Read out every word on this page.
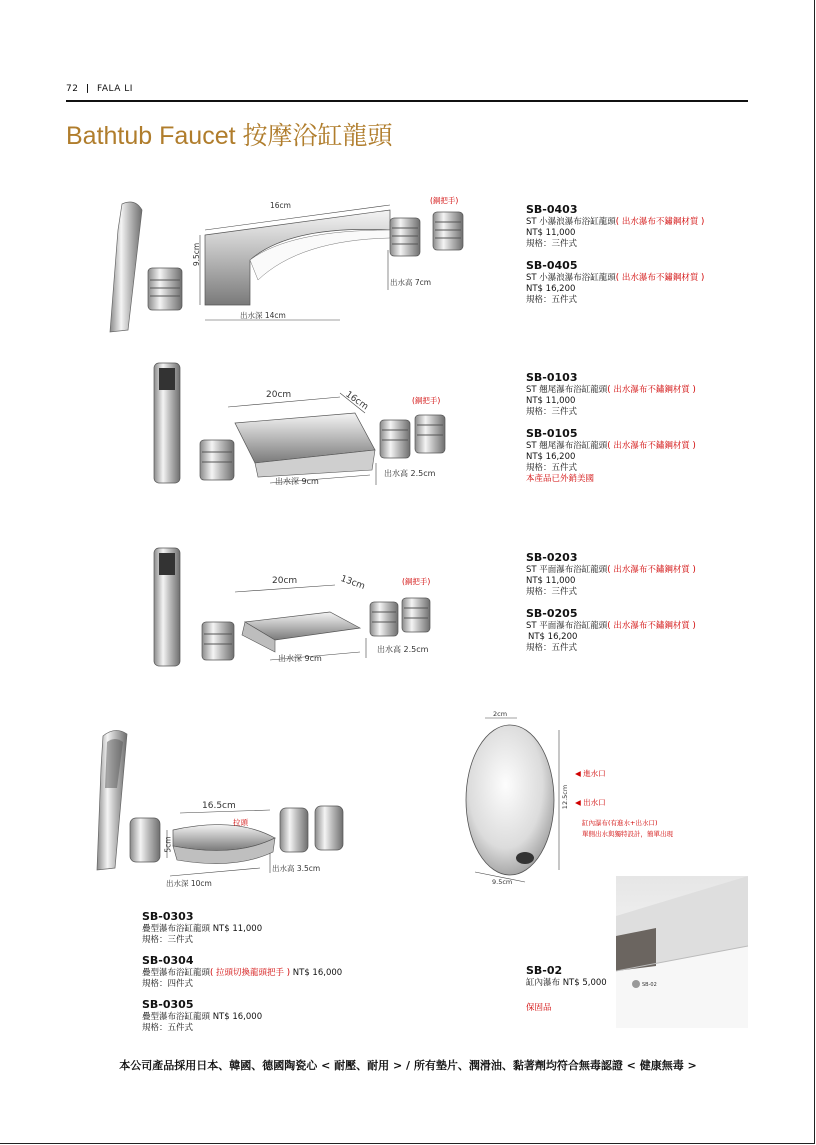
72 | FALA LI
Bathtub Faucet 按摩浴缸龍頭
16cm
9.5cm
出水深 14cm
出水高 7cm
(銅把手)
SB-0403
ST 小瀑浪瀑布浴缸龍頭( 出水瀑布不鏽鋼材質 )
NT$ 11,000
規格：三件式
SB-0405
ST 小瀑浪瀑布浴缸龍頭( 出水瀑布不鏽鋼材質 )
NT$ 16,200
規格：五件式
20cm	16cm
出水深 9cm
出水高 2.5cm
(銅把手)
SB-0103
ST 翹尾瀑布浴缸龍頭( 出水瀑布不鏽鋼材質 )
NT$ 11,000
規格：三件式
SB-0105
ST 翹尾瀑布浴缸龍頭( 出水瀑布不鏽鋼材質 )
NT$ 16,200
規格：五件式
本產品已外銷美國
20cm	13cm
出水深 9cm
出水高 2.5cm
(銅把手)
SB-0203
ST 平面瀑布浴缸龍頭( 出水瀑布不鏽鋼材質 )
NT$ 11,000
規格：三件式
SB-0205
ST 平面瀑布浴缸龍頭( 出水瀑布不鏽鋼材質 )
NT$ 16,200
規格：五件式
16.5cm
5cm
出水深 10cm
出水高 3.5cm
拉頭
SB-0303
疊型瀑布浴缸龍頭 NT$ 11,000
規格：三件式
SB-0304
疊型瀑布浴缸龍頭( 拉頭切換龍頭把手 ) NT$ 16,000
規格：四件式
SB-0305
疊型瀑布浴缸龍頭 NT$ 16,000
規格：五件式
2cm
12.5cm
9.5cm
◀ 進水口
◀ 出水口
缸內瀑布(有進水+出水口)
單側出水與獨特設計，簡單出現
SB-02
SB-02
缸內瀑布 NT$ 5,000
保固品
本公司產品採用日本、韓國、德國陶瓷心 < 耐壓、耐用 > / 所有墊片、潤滑油、黏著劑均符合無毒認證 < 健康無毒 >
